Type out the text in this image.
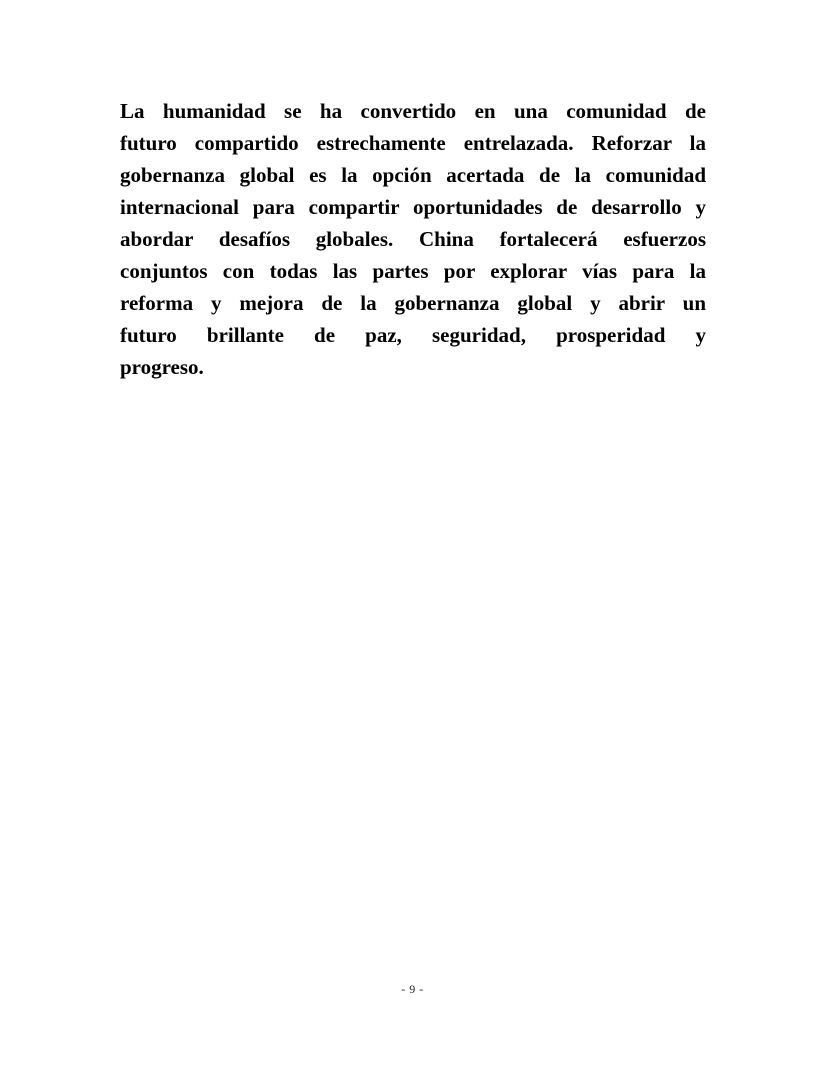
La humanidad se ha convertido en una comunidad de
futuro compartido estrechamente entrelazada. Reforzar la
gobernanza global es la opción acertada de la comunidad
internacional para compartir oportunidades de desarrollo y
abordar desafíos globales. China fortalecerá esfuerzos
conjuntos con todas las partes por explorar vías para la
reforma y mejora de la gobernanza global y abrir un
futuro brillante de paz, seguridad, prosperidad y
progreso.
- 9 -
